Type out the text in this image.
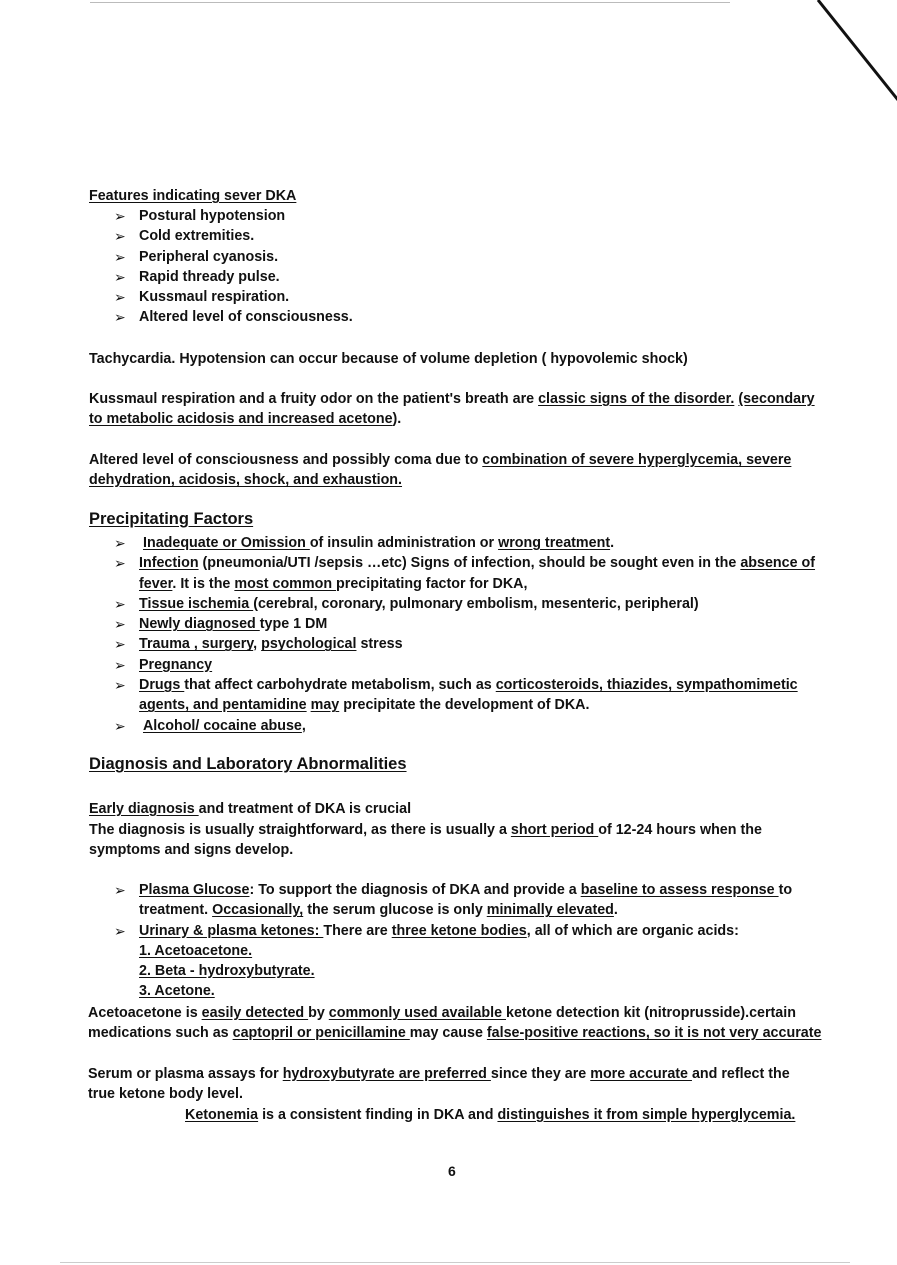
Features indicating sever DKA

➢ Postural hypotension
➢ Cold extremities.
➢ Peripheral cyanosis.
➢ Rapid thready pulse.
➢ Kussmaul respiration.
➢ Altered level of consciousness.

Tachycardia. Hypotension can occur because of volume depletion ( hypovolemic shock)

Kussmaul respiration and a fruity odor on the patient's breath are classic signs of the disorder. (secondary to metabolic acidosis and increased acetone).

Altered level of consciousness and possibly coma due to combination of severe hyperglycemia, severe dehydration, acidosis, shock, and exhaustion.

Precipitating Factors
➢ Inadequate or Omission of insulin administration or wrong treatment.
➢ Infection (pneumonia/UTI /sepsis …etc) Signs of infection, should be sought even in the absence of fever. It is the most common precipitating factor for DKA,
➢ Tissue ischemia (cerebral, coronary, pulmonary embolism, mesenteric, peripheral)
➢ Newly diagnosed type 1 DM
➢ Trauma , surgery, psychological stress
➢ Pregnancy
➢ Drugs that affect carbohydrate metabolism, such as corticosteroids, thiazides, sympathomimetic agents, and pentamidine may precipitate the development of DKA.
➢ Alcohol/ cocaine abuse,
Diagnosis and Laboratory Abnormalities

Early diagnosis and treatment of DKA is crucial

The diagnosis is usually straightforward, as there is usually a short period of 12-24 hours when the symptoms and signs develop.

➢ Plasma Glucose: To support the diagnosis of DKA and provide a baseline to assess response to treatment. Occasionally, the serum glucose is only minimally elevated.
➢ Urinary & plasma ketones: There are three ketone bodies, all of which are organic acids:

1. Acetoacetone.

2. Beta - hydroxybutyrate.

3. Acetone.

Acetoacetone is easily detected by commonly used available ketone detection kit (nitroprusside).certain medications such as captopril or penicillamine may cause false-positive reactions, so it is not very accurate

Serum or plasma assays for hydroxybutyrate are preferred since they are more accurate and reflect the true ketone body level.

Ketonemia is a consistent finding in DKA and distinguishes it from simple hyperglycemia.

6
